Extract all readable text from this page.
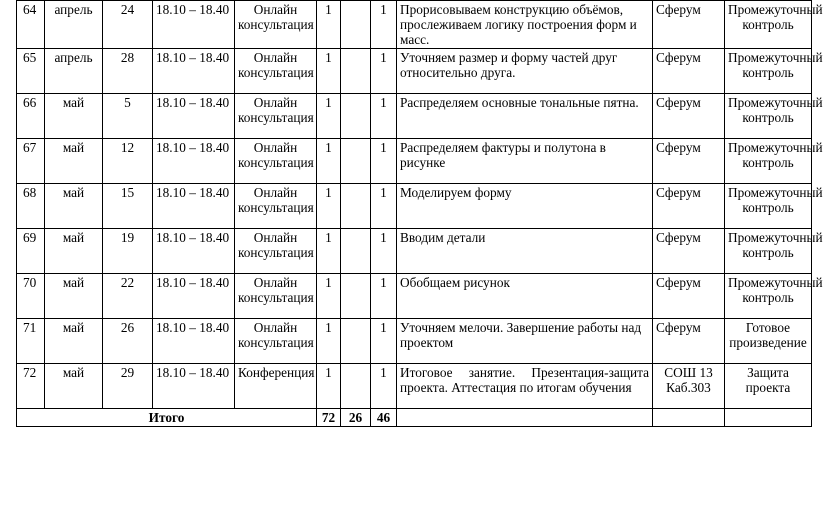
64	апрель	24	18.10 – 18.40	Онлайн консультация	1		1	Прорисовываем конструкцию объёмов, прослеживаем логику построения форм и масс.	Сферум	Промежуточный контроль
65	апрель	28	18.10 – 18.40	Онлайн консультация	1		1	Уточняем размер и форму частей друг относительно друга.	Сферум	Промежуточный контроль
66	май	5	18.10 – 18.40	Онлайн консультация	1		1	Распределяем основные тональные пятна.	Сферум	Промежуточный контроль
67	май	12	18.10 – 18.40	Онлайн консультация	1		1	Распределяем фактуры и полутона в рисунке	Сферум	Промежуточный контроль
68	май	15	18.10 – 18.40	Онлайн консультация	1		1	Моделируем форму	Сферум	Промежуточный контроль
69	май	19	18.10 – 18.40	Онлайн консультация	1		1	Вводим детали	Сферум	Промежуточный контроль
70	май	22	18.10 – 18.40	Онлайн консультация	1		1	Обобщаем рисунок	Сферум	Промежуточный контроль
71	май	26	18.10 – 18.40	Онлайн консультация	1		1	Уточняем мелочи. Завершение работы над проектом	Сферум	Готовое произведение
72	май	29	18.10 – 18.40	Конференция	1		1	Итоговое занятие. Презентация-защита проекта. Аттестация по итогам обучения	СОШ 13 Каб.303	Защита проекта
Итого					72	26	46			
